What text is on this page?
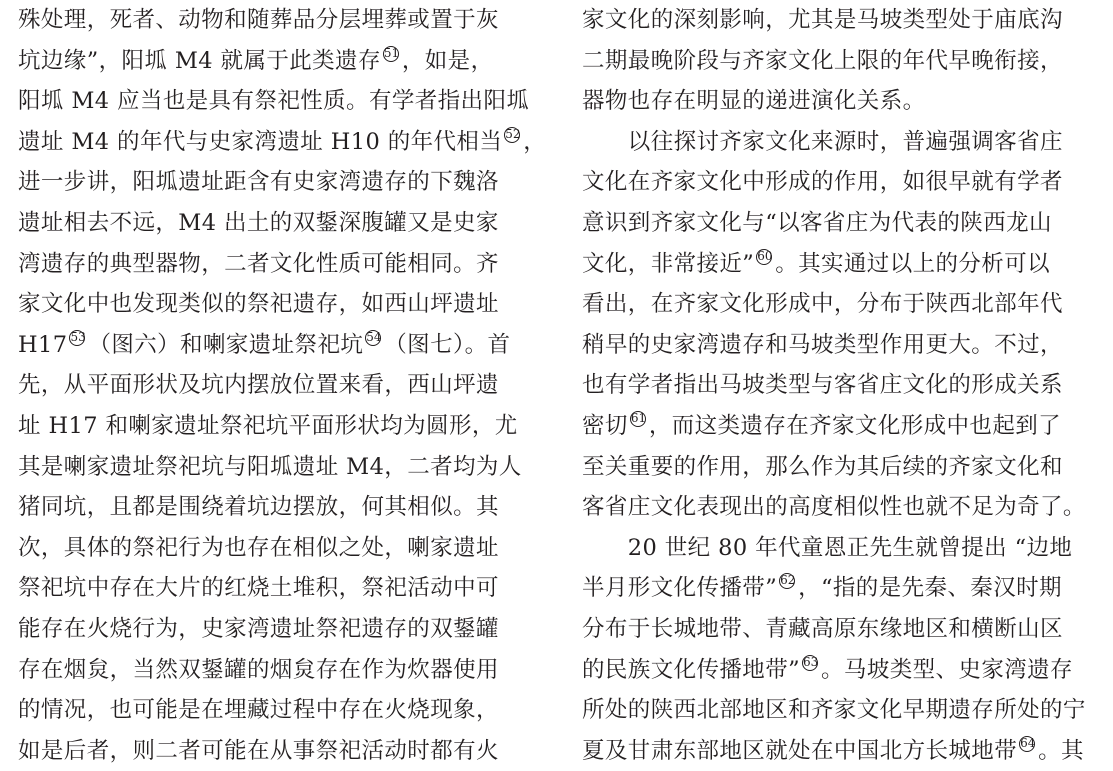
殊处理，死者、动物和随葬品分层埋葬或置于灰
坑边缘”，阳坬 M4 就属于此类遗存 51 ，如是，
阳坬 M4 应当也是具有祭祀性质。有学者指出阳坬
遗址 M4 的年代与史家湾遗址 H10 的年代相当 52 ，
进一步讲，阳坬遗址距含有史家湾遗存的下魏洛
遗址相去不远，M4 出土的双鋬深腹罐又是史家
湾遗存的典型器物，二者文化性质可能相同。齐
家文化中也发现类似的祭祀遗存，如西山坪遗址
H17 53 （图六）和喇家遗址祭祀坑 54 （图七）。首
先，从平面形状及坑内摆放位置来看，西山坪遗
址 H17 和喇家遗址祭祀坑平面形状均为圆形，尤
其是喇家遗址祭祀坑与阳坬遗址 M4，二者均为人
猪同坑，且都是围绕着坑边摆放，何其相似。其
次，具体的祭祀行为也存在相似之处，喇家遗址
祭祀坑中存在大片的红烧土堆积，祭祀活动中可
能存在火烧行为，史家湾遗址祭祀遗存的双鋬罐
存在烟炱，当然双鋬罐的烟炱存在作为炊器使用
的情况，也可能是在埋藏过程中存在火烧现象，
如是后者，则二者可能在从事祭祀活动时都有火
家文化的深刻影响，尤其是马坡类型处于庙底沟
二期最晚阶段与齐家文化上限的年代早晚衔接，
器物也存在明显的递进演化关系。
　　以往探讨齐家文化来源时，普遍强调客省庄
文化在齐家文化中形成的作用，如很早就有学者
意识到齐家文化与“以客省庄为代表的陕西龙山
文化，非常接近” 60 。其实通过以上的分析可以
看出，在齐家文化形成中，分布于陕西北部年代
稍早的史家湾遗存和马坡类型作用更大。不过，
也有学者指出马坡类型与客省庄文化的形成关系
密切 61 ，而这类遗存在齐家文化形成中也起到了
至关重要的作用，那么作为其后续的齐家文化和
客省庄文化表现出的高度相似性也就不足为奇了。
　　20 世纪 80 年代童恩正先生就曾提出 “边地
半月形文化传播带” 62 ，“指的是先秦、秦汉时期
分布于长城地带、青藏高原东缘地区和横断山区
的民族文化传播地带” 63 。马坡类型、史家湾遗存
所处的陕西北部地区和齐家文化早期遗存所处的宁
夏及甘肃东部地区就处在中国北方长城地带 64 。其
